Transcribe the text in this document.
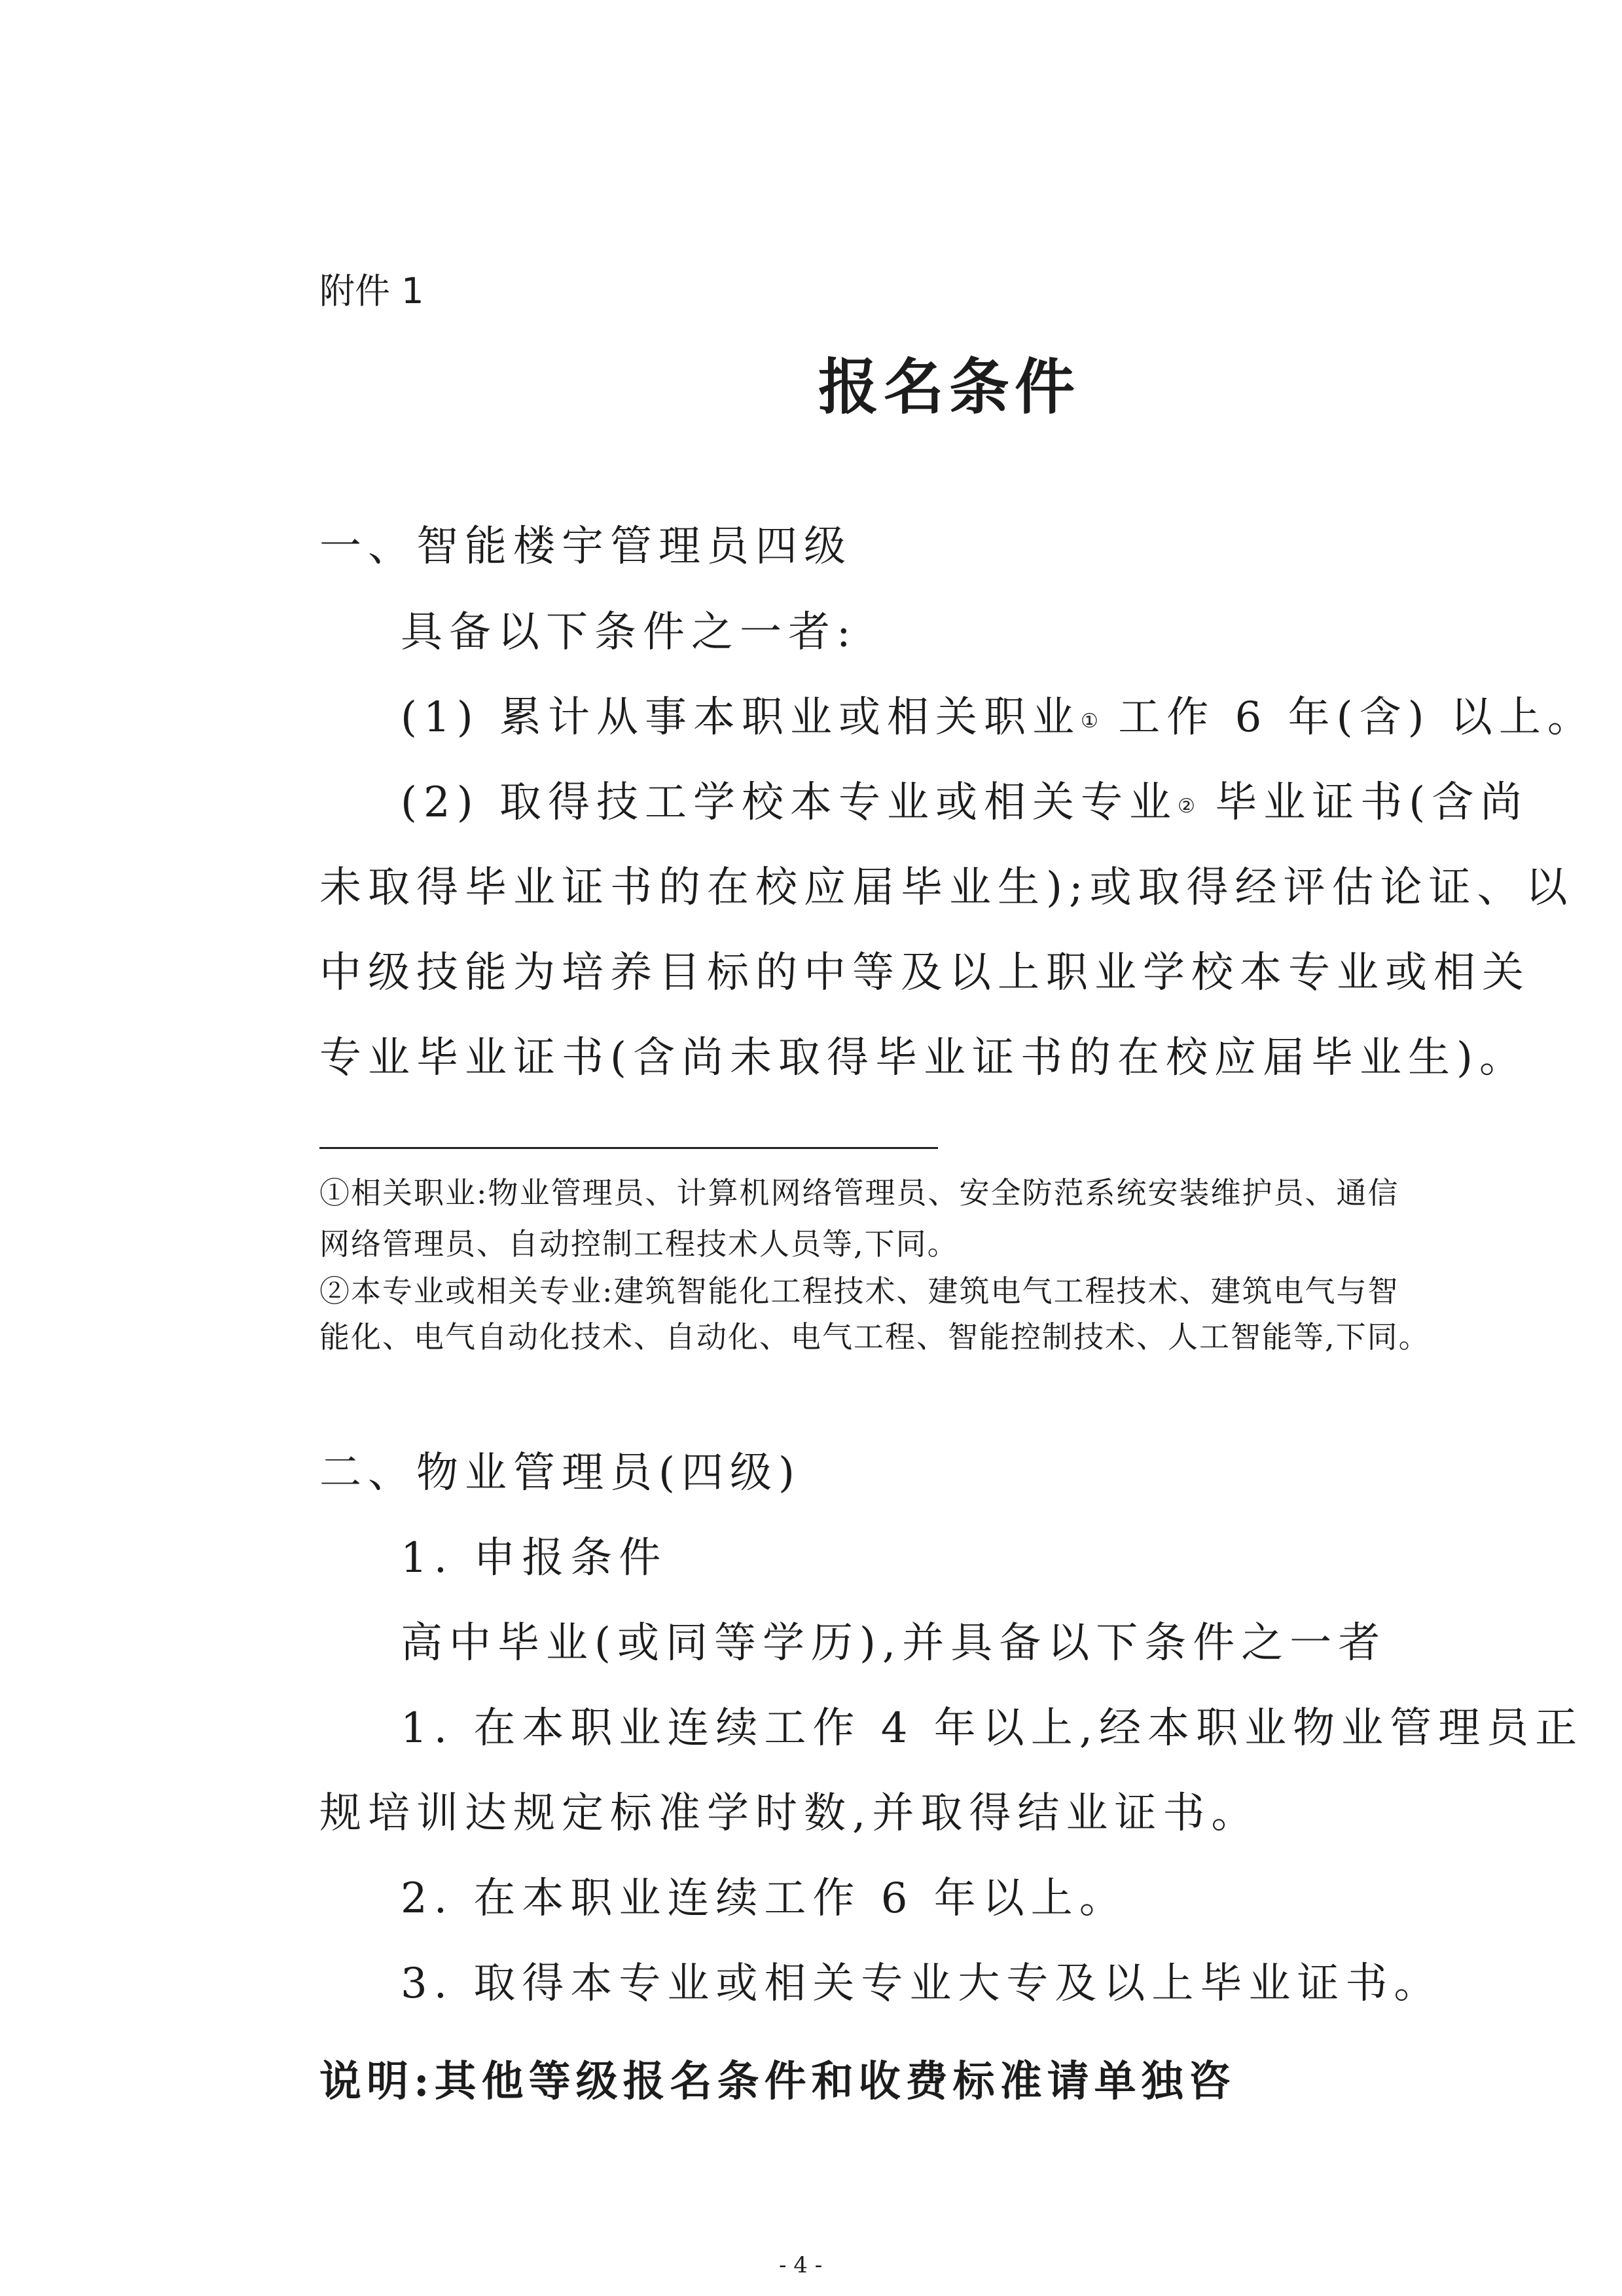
附件 1

报名条件

一、智能楼宇管理员四级

具备以下条件之一者:

(1) 累计从事本职业或相关职业① 工作 6 年(含) 以上。

(2) 取得技工学校本专业或相关专业② 毕业证书(含尚

未取得毕业证书的在校应届毕业生);或取得经评估论证、以

中级技能为培养目标的中等及以上职业学校本专业或相关

专业毕业证书(含尚未取得毕业证书的在校应届毕业生)。

①相关职业:物业管理员、计算机网络管理员、安全防范系统安装维护员、通信

网络管理员、自动控制工程技术人员等,下同。

②本专业或相关专业:建筑智能化工程技术、建筑电气工程技术、建筑电气与智

能化、电气自动化技术、自动化、电气工程、智能控制技术、人工智能等,下同。

二、物业管理员(四级)

1. 申报条件

高中毕业(或同等学历),并具备以下条件之一者

1. 在本职业连续工作 4 年以上,经本职业物业管理员正

规培训达规定标准学时数,并取得结业证书。

2. 在本职业连续工作 6 年以上。

3. 取得本专业或相关专业大专及以上毕业证书。

说明:其他等级报名条件和收费标准请单独咨

- 4 -
